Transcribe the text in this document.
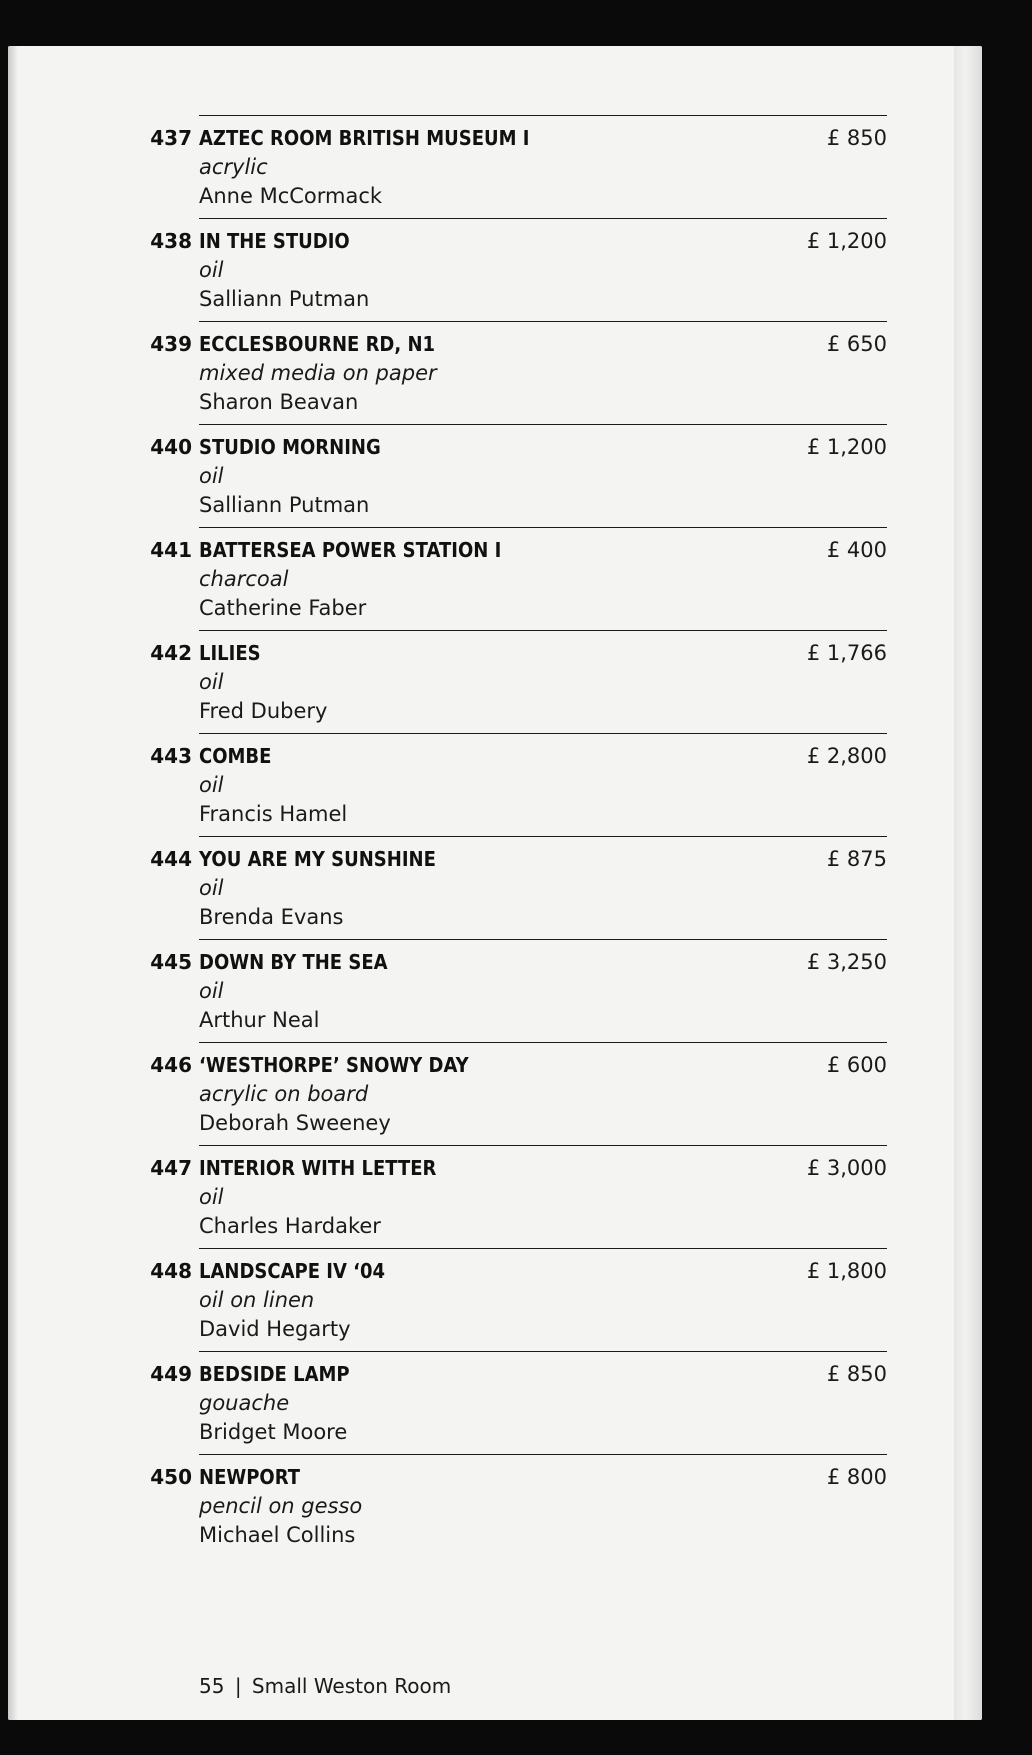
437 AZTEC ROOM BRITISH MUSEUM I
acrylic
Anne McCormack
£ 850
438 IN THE STUDIO
oil
Salliann Putman
£ 1,200
439 ECCLESBOURNE RD, N1
mixed media on paper
Sharon Beavan
£ 650
440 STUDIO MORNING
oil
Salliann Putman
£ 1,200
441 BATTERSEA POWER STATION I
charcoal
Catherine Faber
£ 400
442 LILIES
oil
Fred Dubery
£ 1,766
443 COMBE
oil
Francis Hamel
£ 2,800
444 YOU ARE MY SUNSHINE
oil
Brenda Evans
£ 875
445 DOWN BY THE SEA
oil
Arthur Neal
£ 3,250
446 ‘WESTHORPE’ SNOWY DAY
acrylic on board
Deborah Sweeney
£ 600
447 INTERIOR WITH LETTER
oil
Charles Hardaker
£ 3,000
448 LANDSCAPE IV ‘04
oil on linen
David Hegarty
£ 1,800
449 BEDSIDE LAMP
gouache
Bridget Moore
£ 850
450 NEWPORT
pencil on gesso
Michael Collins
£ 800
55 | Small Weston Room
